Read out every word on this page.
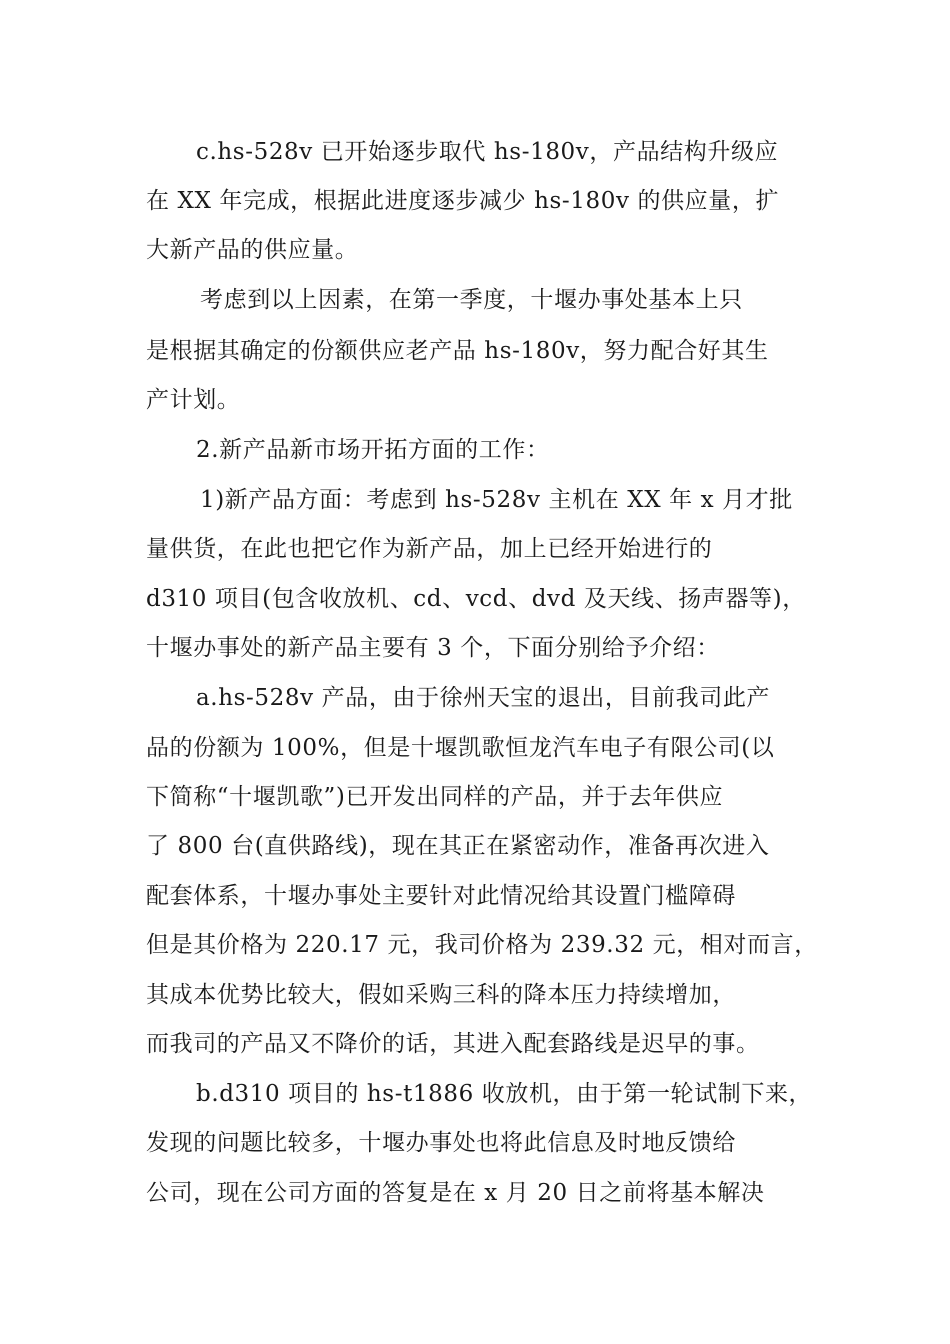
c.hs-528v 已开始逐步取代 hs-180v，产品结构升级应
在 XX 年完成，根据此进度逐步减少 hs-180v 的供应量，扩
大新产品的供应量。
考虑到以上因素，在第一季度，十堰办事处基本上只
是根据其确定的份额供应老产品 hs-180v，努力配合好其生
产计划。
2.新产品新市场开拓方面的工作：
1)新产品方面：考虑到 hs-528v 主机在 XX 年 x 月才批
量供货，在此也把它作为新产品，加上已经开始进行的
d310 项目(包含收放机、cd、vcd、dvd 及天线、扬声器等)，
十堰办事处的新产品主要有 3 个，下面分别给予介绍：
a.hs-528v 产品，由于徐州天宝的退出，目前我司此产
品的份额为 100%，但是十堰凯歌恒龙汽车电子有限公司(以
下简称“十堰凯歌”)已开发出同样的产品，并于去年供应
了 800 台(直供路线)，现在其正在紧密动作，准备再次进入
配套体系，十堰办事处主要针对此情况给其设置门槛障碍
但是其价格为 220.17 元，我司价格为 239.32 元，相对而言，
其成本优势比较大，假如采购三科的降本压力持续增加，
而我司的产品又不降价的话，其进入配套路线是迟早的事。
b.d310 项目的 hs-t1886 收放机，由于第一轮试制下来，
发现的问题比较多，十堰办事处也将此信息及时地反馈给
公司，现在公司方面的答复是在 x 月 20 日之前将基本解决
